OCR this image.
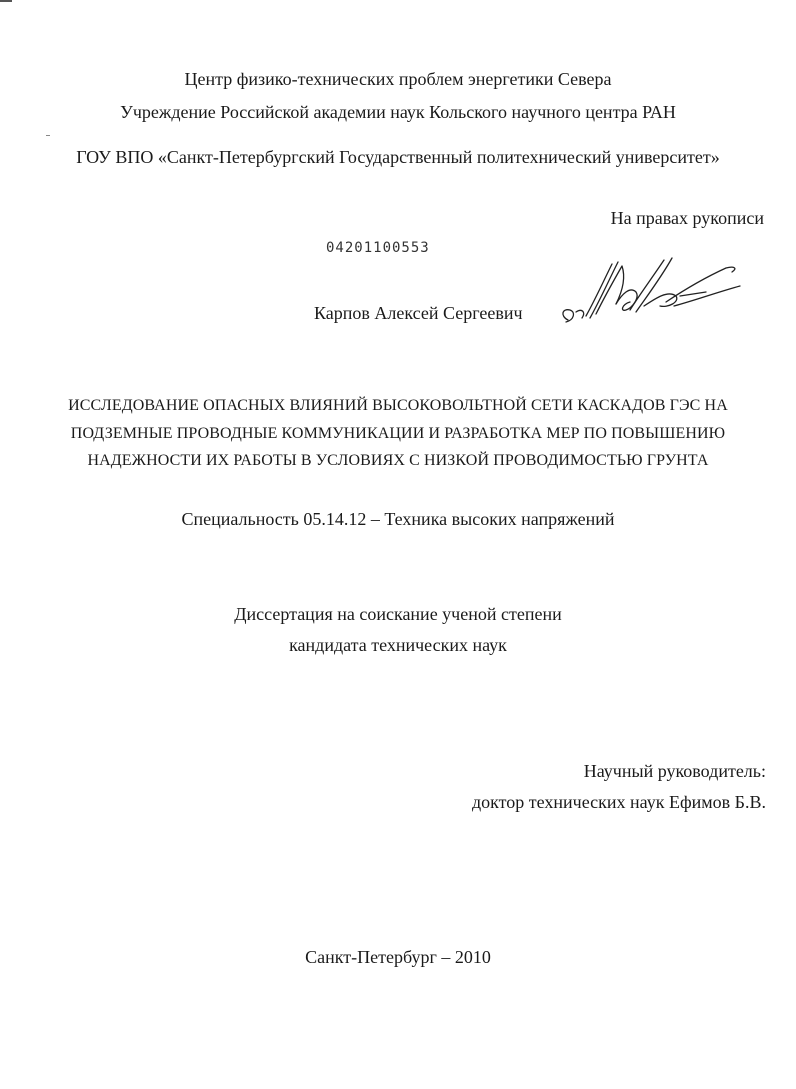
Центр физико-технических проблем энергетики Севера
Учреждение Российской академии наук Кольского научного центра РАН
ГОУ ВПО «Санкт-Петербургский Государственный политехнический университет»
На правах рукописи
04201100553
Карпов Алексей Сергеевич
ИССЛЕДОВАНИЕ ОПАСНЫХ ВЛИЯНИЙ ВЫСОКОВОЛЬТНОЙ СЕТИ КАСКАДОВ ГЭС НА
ПОДЗЕМНЫЕ ПРОВОДНЫЕ КОММУНИКАЦИИ И РАЗРАБОТКА МЕР ПО ПОВЫШЕНИЮ
НАДЕЖНОСТИ ИХ РАБОТЫ В УСЛОВИЯХ С НИЗКОЙ ПРОВОДИМОСТЬЮ ГРУНТА
Специальность 05.14.12 – Техника высоких напряжений
Диссертация на соискание ученой степени
кандидата технических наук
Научный руководитель:
доктор технических наук Ефимов Б.В.
Санкт-Петербург – 2010
